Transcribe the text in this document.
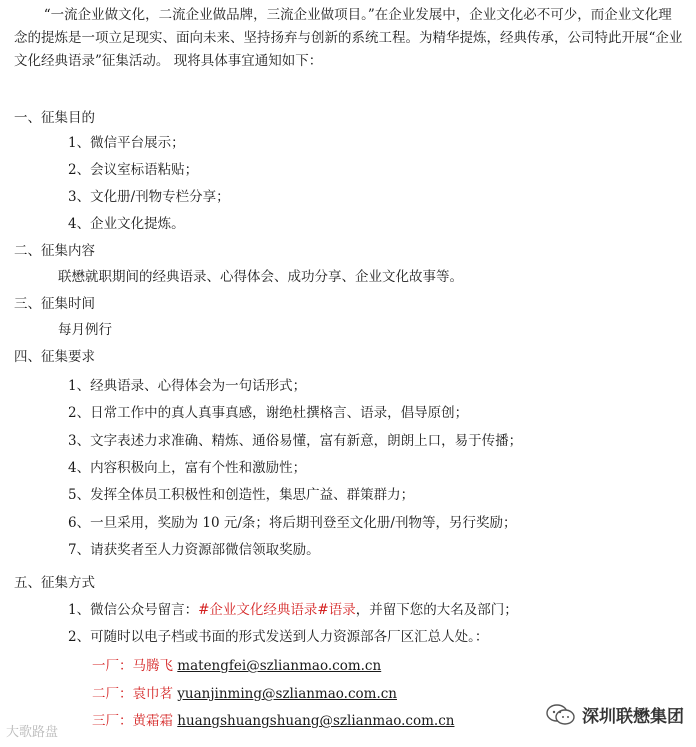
“一流企业做文化，二流企业做品牌，三流企业做项目。”在企业发展中，企业文化必不可少，而企业文化理念的提炼是一项立足现实、面向未来、坚持扬弃与创新的系统工程。为精华提炼，经典传承，公司特此开展“企业文化经典语录”征集活动。 现将具体事宜通知如下：

一、征集目的
1、微信平台展示；
2、会议室标语粘贴；
3、文化册/刊物专栏分享；
4、企业文化提炼。
二、征集内容
联懋就职期间的经典语录、心得体会、成功分享、企业文化故事等。
三、征集时间
每月例行
四、征集要求
1、经典语录、心得体会为一句话形式；
2、日常工作中的真人真事真感，谢绝杜撰格言、语录，倡导原创；
3、文字表述力求准确、精炼、通俗易懂，富有新意，朗朗上口，易于传播；
4、内容积极向上，富有个性和激励性；
5、发挥全体员工积极性和创造性，集思广益、群策群力；
6、一旦采用，奖励为 10 元/条；将后期刊登至文化册/刊物等，另行奖励；
7、请获奖者至人力资源部微信领取奖励。
五、征集方式
1、微信公众号留言：#企业文化经典语录#语录，并留下您的大名及部门；
2、可随时以电子档或书面的形式发送到人力资源部各厂区汇总人处。：
一厂：马腾飞 matengfei@szlianmao.com.cn
二厂：袁巾茗 yuanjinming@szlianmao.com.cn
三厂：黄霜霜 huangshuangshuang@szlianmao.com.cn
大歌路盘
深圳联懋集团
